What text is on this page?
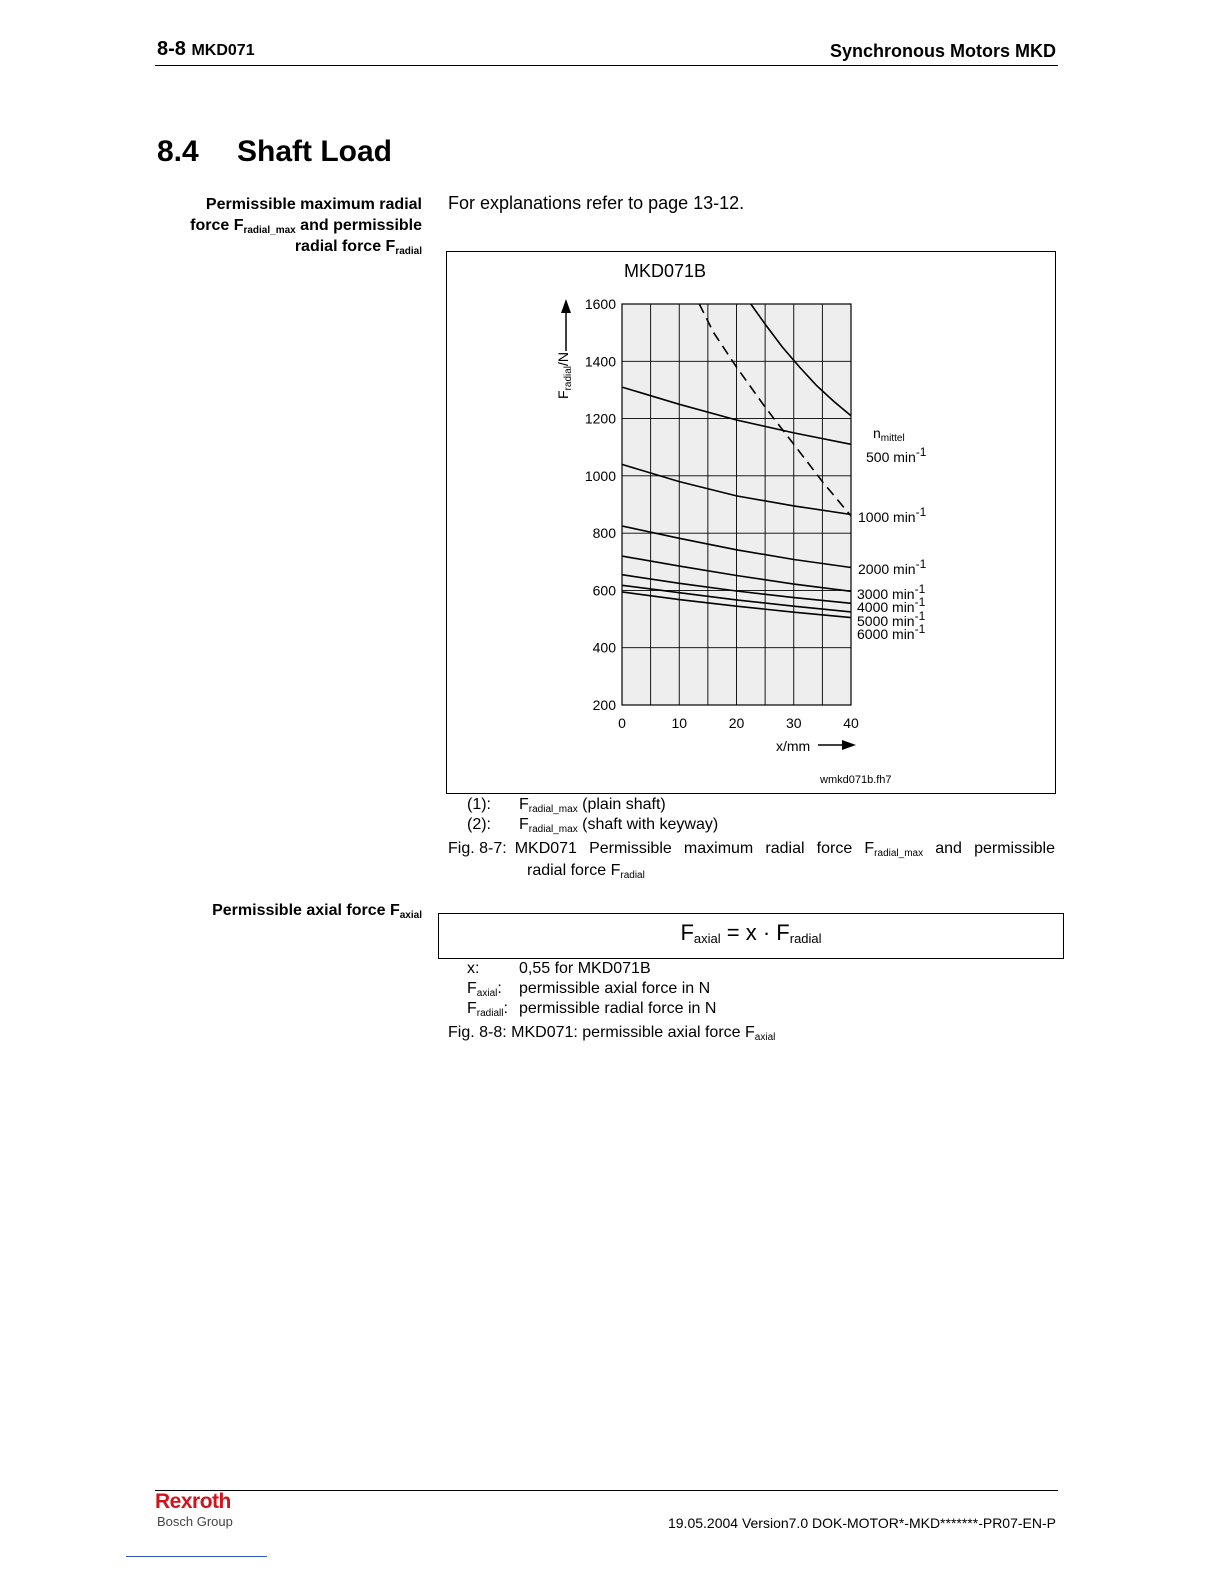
8-8 MKD071	Synchronous Motors MKD
8.4 Shaft Load
Permissible maximum radial
force $F_{radial\_max}$ and permissible
radial force $F_{radial}$
For explanations refer to page 13-12.
MKD071B
0	10	20	30	40
200
400
600
800
1000
1200
1400
1600
500 min-1
1000 min-1
2000 min-1
3000 min-1
4000 min-1
5000 min-1
6000 min-1
$F_{radial}/N$
x/mm
wmkd071b.fh7
$n_{mittel}$
(1): $F_{radial\_max}$ (plain shaft)
(2): $F_{radial\_max}$ (shaft with keyway)
Fig. 8-7: MKD071 Permissible maximum radial force $F_{radial\_max}$ and permissible
radial force $F_{radial}$
Permissible axial force $F_{axial}$
$F_{axial} = x \cdot F_{radial}$
x: 0,55 for MKD071B
$F_{axial}$: permissible axial force in N
$F_{radiall}$: permissible radial force in N
Fig. 8-8: MKD071: permissible axial force $F_{axial}$
Rexroth
Bosch Group	19.05.2004 Version7.0 DOK-MOTOR*-MKD*******-PR07-EN-P
